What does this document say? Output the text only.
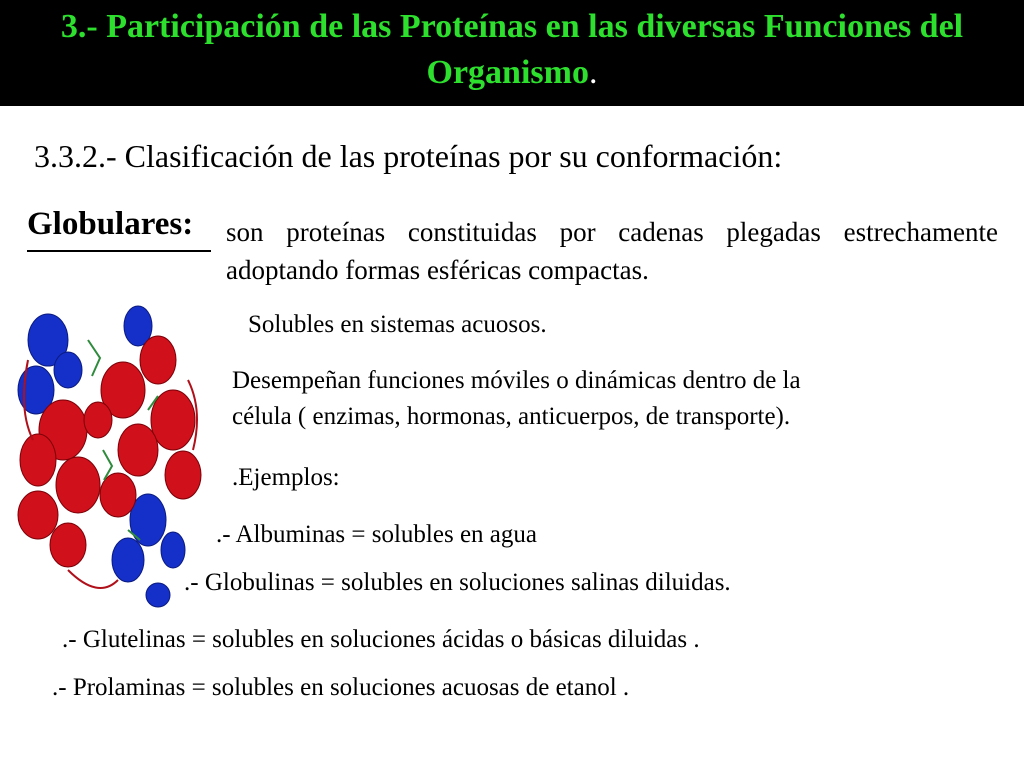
3.- Participación de las Proteínas en las diversas Funciones del Organismo.
3.3.2.- Clasificación de las proteínas por su conformación:
Globulares: son proteínas constituidas por cadenas plegadas estrechamente adoptando formas esféricas compactas.
Solubles en sistemas acuosos.
Desempeñan funciones móviles o dinámicas dentro de la
célula ( enzimas, hormonas, anticuerpos, de transporte).
.Ejemplos:
.- Albuminas = solubles en agua
.- Globulinas = solubles en soluciones salinas diluidas.
.- Glutelinas = solubles en soluciones ácidas o básicas diluidas .
.- Prolaminas = solubles en soluciones acuosas de etanol .
